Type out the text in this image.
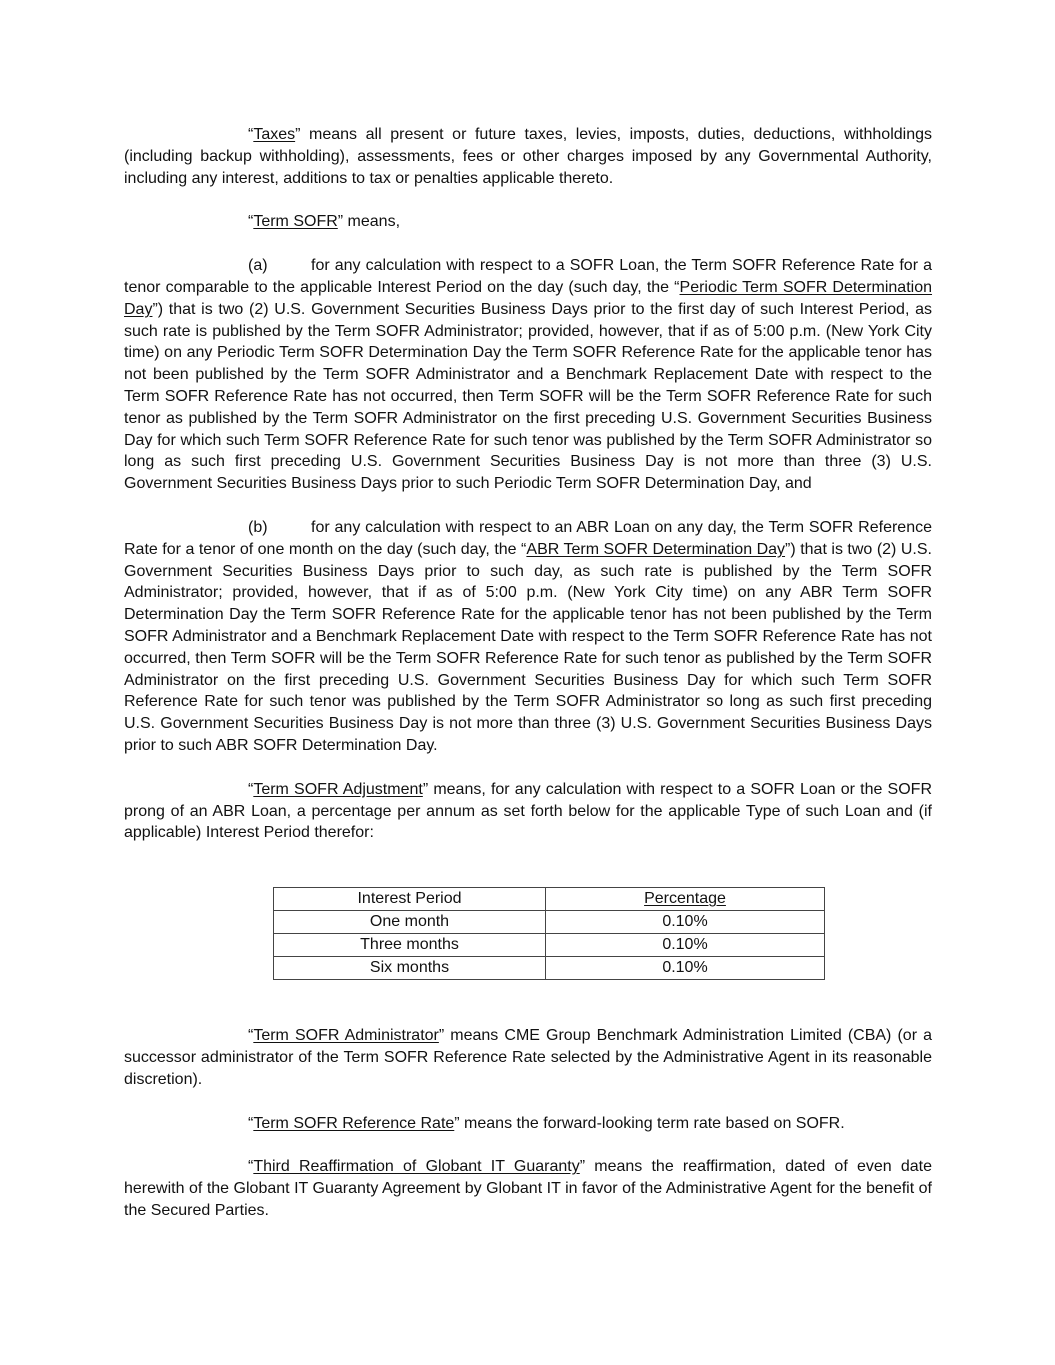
“Taxes” means all present or future taxes, levies, imposts, duties, deductions, withholdings (including backup withholding), assessments, fees or other charges imposed by any Governmental Authority, including any interest, additions to tax or penalties applicable thereto.

“Term SOFR” means,

(a)	for any calculation with respect to a SOFR Loan, the Term SOFR Reference Rate for a tenor comparable to the applicable Interest Period on the day (such day, the “Periodic Term SOFR Determination Day”) that is two (2) U.S. Government Securities Business Days prior to the first day of such Interest Period, as such rate is published by the Term SOFR Administrator; provided, however, that if as of 5:00 p.m. (New York City time) on any Periodic Term SOFR Determination Day the Term SOFR Reference Rate for the applicable tenor has not been published by the Term SOFR Administrator and a Benchmark Replacement Date with respect to the Term SOFR Reference Rate has not occurred, then Term SOFR will be the Term SOFR Reference Rate for such tenor as published by the Term SOFR Administrator on the first preceding U.S. Government Securities Business Day for which such Term SOFR Reference Rate for such tenor was published by the Term SOFR Administrator so long as such first preceding U.S. Government Securities Business Day is not more than three (3) U.S. Government Securities Business Days prior to such Periodic Term SOFR Determination Day, and

(b)	for any calculation with respect to an ABR Loan on any day, the Term SOFR Reference Rate for a tenor of one month on the day (such day, the “ABR Term SOFR Determination Day”) that is two (2) U.S. Government Securities Business Days prior to such day, as such rate is published by the Term SOFR Administrator; provided, however, that if as of 5:00 p.m. (New York City time) on any ABR Term SOFR Determination Day the Term SOFR Reference Rate for the applicable tenor has not been published by the Term SOFR Administrator and a Benchmark Replacement Date with respect to the Term SOFR Reference Rate has not occurred, then Term SOFR will be the Term SOFR Reference Rate for such tenor as published by the Term SOFR Administrator on the first preceding U.S. Government Securities Business Day for which such Term SOFR Reference Rate for such tenor was published by the Term SOFR Administrator so long as such first preceding U.S. Government Securities Business Day is not more than three (3) U.S. Government Securities Business Days prior to such ABR SOFR Determination Day.

“Term SOFR Adjustment” means, for any calculation with respect to a SOFR Loan or the SOFR prong of an ABR Loan, a percentage per annum as set forth below for the applicable Type of such Loan and (if applicable) Interest Period therefor:

Interest Period	Percentage
One month	0.10%
Three months	0.10%
Six months	0.10%

“Term SOFR Administrator” means CME Group Benchmark Administration Limited (CBA) (or a successor administrator of the Term SOFR Reference Rate selected by the Administrative Agent in its reasonable discretion).

“Term SOFR Reference Rate” means the forward-looking term rate based on SOFR.

“Third Reaffirmation of Globant IT Guaranty” means the reaffirmation, dated of even date herewith of the Globant IT Guaranty Agreement by Globant IT in favor of the Administrative Agent for the benefit of the Secured Parties.
